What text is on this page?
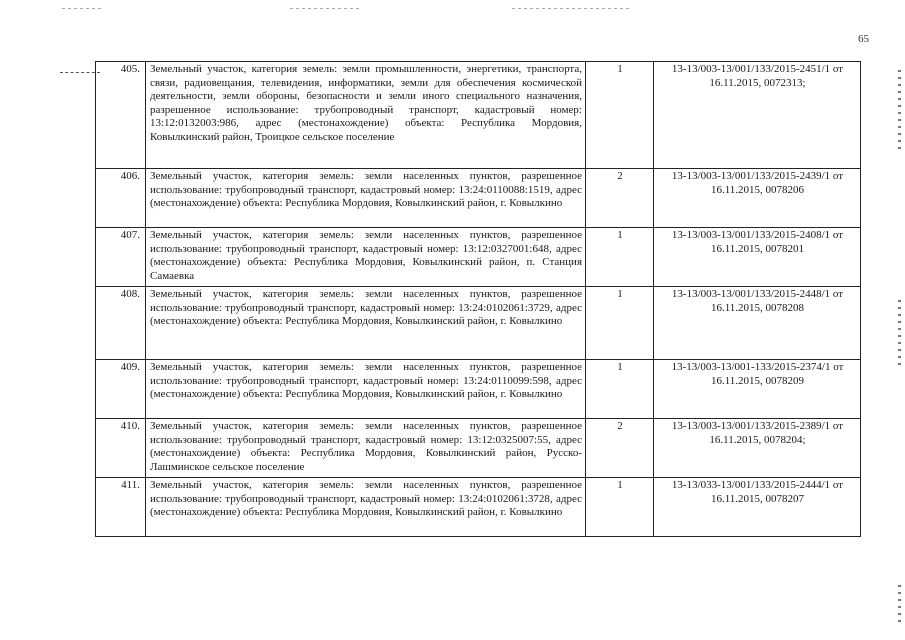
65
405.	Земельный участок, категория земель: земли промышленности, энергетики, транспорта, связи, радиовещания, телевидения, информатики, земли для обеспечения космической деятельности, земли обороны, безопасности и земли иного специального назначения, разрешенное использование: трубопроводный транспорт, кадастровый номер: 13:12:0132003:986, адрес (местонахождение) объекта: Республика Мордовия, Ковылкинский район, Троицкое сельское поселение	1	13-13/003-13/001/133/2015-2451/1 от 16.11.2015, 0072313;
406.	Земельный участок, категория земель: земли населенных пунктов, разрешенное использование: трубопроводный транспорт, кадастровый номер: 13:24:0110088:1519, адрес (местонахождение) объекта: Республика Мордовия, Ковылкинский район, г. Ковылкино	2	13-13/003-13/001/133/2015-2439/1 от 16.11.2015, 0078206
407.	Земельный участок, категория земель: земли населенных пунктов, разрешенное использование: трубопроводный транспорт, кадастровый номер: 13:12:0327001:648, адрес (местонахождение) объекта: Республика Мордовия, Ковылкинский район, п. Станция Самаевка	1	13-13/003-13/001/133/2015-2408/1 от 16.11.2015, 0078201
408.	Земельный участок, категория земель: земли населенных пунктов, разрешенное использование: трубопроводный транспорт, кадастровый номер: 13:24:0102061:3729, адрес (местонахождение) объекта: Республика Мордовия, Ковылкинский район, г. Ковылкино	1	13-13/003-13/001/133/2015-2448/1 от 16.11.2015, 0078208
409.	Земельный участок, категория земель: земли населенных пунктов, разрешенное использование: трубопроводный транспорт, кадастровый номер: 13:24:0110099:598, адрес (местонахождение) объекта: Республика Мордовия, Ковылкинский район, г. Ковылкино	1	13-13/003-13/001-133/2015-2374/1 от 16.11.2015, 0078209
410.	Земельный участок, категория земель: земли населенных пунктов, разрешенное использование: трубопроводный транспорт, кадастровый номер: 13:12:0325007:55, адрес (местонахождение) объекта: Республика Мордовия, Ковылкинский район, Русско-Лашминское сельское поселение	2	13-13/003-13/001/133/2015-2389/1 от 16.11.2015, 0078204;
411.	Земельный участок, категория земель: земли населенных пунктов, разрешенное использование: трубопроводный транспорт, кадастровый номер: 13:24:0102061:3728, адрес (местонахождение) объекта: Республика Мордовия, Ковылкинский район, г. Ковылкино	1	13-13/033-13/001/133/2015-2444/1 от 16.11.2015, 0078207
